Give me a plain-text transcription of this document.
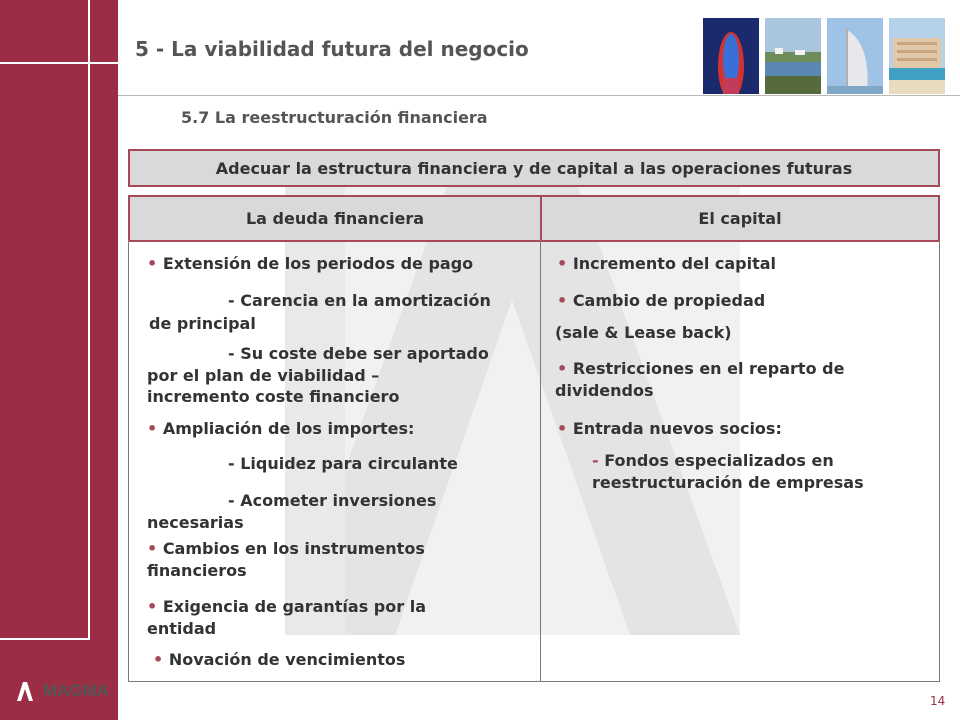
5 - La viabilidad futura del negocio
5.7 La reestructuración financiera
Adecuar la estructura financiera y de capital a las operaciones futuras
La deuda financiera	El capital

• Extensión de los periodos de pago

- Carencia en la amortización

de principal

- Su coste debe ser aportado

por el plan de viabilidad –

incremento coste financiero

• Ampliación de los importes:

- Liquidez para circulante

- Acometer inversiones

necesarias

• Cambios en los instrumentos

financieros

• Exigencia de garantías por la

entidad

• Novación de vencimientos

• Incremento del capital

• Cambio de propiedad

(sale & Lease back)

• Restricciones en el reparto de

dividendos

• Entrada nuevos socios:

- Fondos especializados en

reestructuración de empresas

MAGMA
TURISMO	14
